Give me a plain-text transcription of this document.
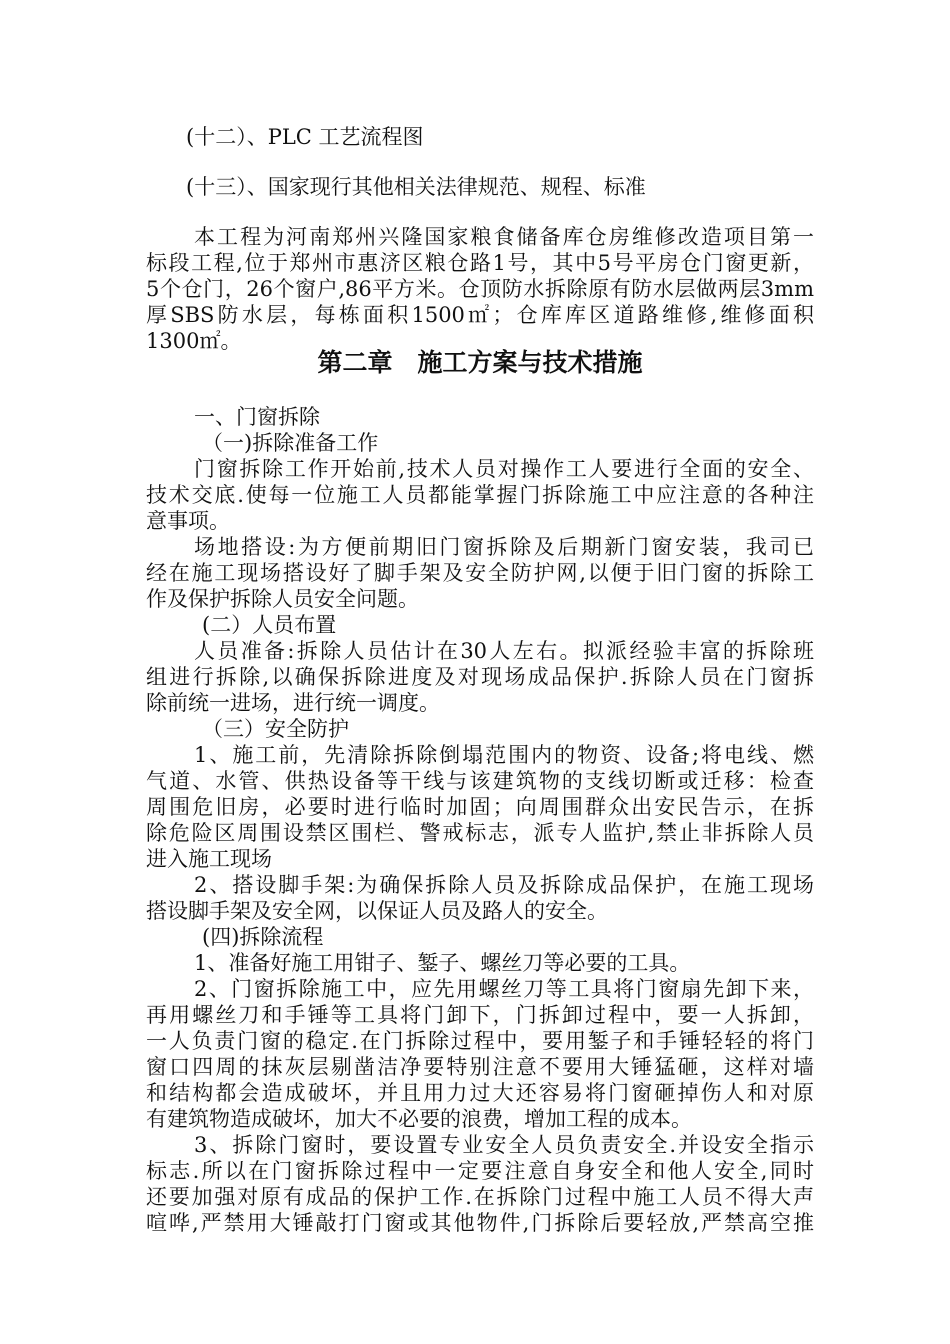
(十二）、PLC 工艺流程图
(十三）、国家现行其他相关法律规范、规程、标准
本工程为河南郑州兴隆国家粮食储备库仓房维修改造项目第一
标段工程,位于郑州市惠济区粮仓路1号，其中5号平房仓门窗更新，
5个仓门，26个窗户,86平方米。仓顶防水拆除原有防水层做两层3mm
厚SBS防水层，每栋面积1500㎡；仓库库区道路维修,维修面积
1300㎡。
第二章　施工方案与技术措施
一、门窗拆除
（一)拆除准备工作
门窗拆除工作开始前,技术人员对操作工人要进行全面的安全、
技术交底.使每一位施工人员都能掌握门拆除施工中应注意的各种注
意事项。
场地搭设:为方便前期旧门窗拆除及后期新门窗安装，我司已
经在施工现场搭设好了脚手架及安全防护网,以便于旧门窗的拆除工
作及保护拆除人员安全问题。
(二）人员布置
人员准备:拆除人员估计在30人左右。拟派经验丰富的拆除班
组进行拆除,以确保拆除进度及对现场成品保护.拆除人员在门窗拆
除前统一进场，进行统一调度。
（三）安全防护
1、施工前，先清除拆除倒塌范围内的物资、设备;将电线、燃
气道、水管、供热设备等干线与该建筑物的支线切断或迁移：检查
周围危旧房，必要时进行临时加固；向周围群众出安民告示，在拆
除危险区周围设禁区围栏、警戒标志，派专人监护,禁止非拆除人员
进入施工现场
2、搭设脚手架:为确保拆除人员及拆除成品保护，在施工现场
搭设脚手架及安全网，以保证人员及路人的安全。
(四)拆除流程
1、准备好施工用钳子、錾子、螺丝刀等必要的工具。
2、门窗拆除施工中，应先用螺丝刀等工具将门窗扇先卸下来，
再用螺丝刀和手锤等工具将门卸下，门拆卸过程中，要一人拆卸，
一人负责门窗的稳定.在门拆除过程中，要用錾子和手锤轻轻的将门
窗口四周的抹灰层剔凿洁净要特别注意不要用大锤猛砸，这样对墙
和结构都会造成破坏，并且用力过大还容易将门窗砸掉伤人和对原
有建筑物造成破坏，加大不必要的浪费，增加工程的成本。
3、拆除门窗时，要设置专业安全人员负责安全.并设安全指示
标志.所以在门窗拆除过程中一定要注意自身安全和他人安全,同时
还要加强对原有成品的保护工作.在拆除门过程中施工人员不得大声
喧哗,严禁用大锤敲打门窗或其他物件,门拆除后要轻放,严禁高空推
